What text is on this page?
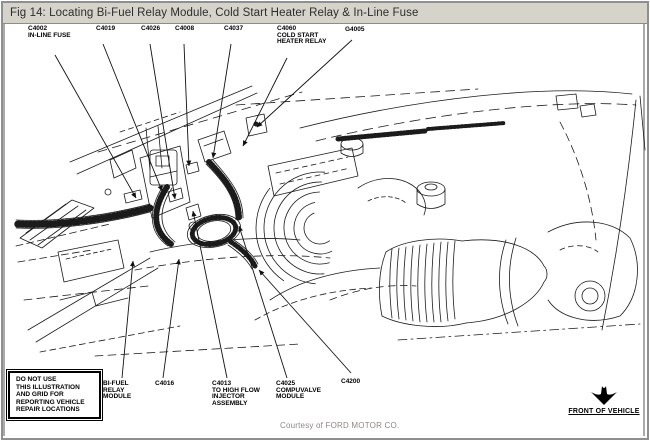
Fig 14: Locating Bi-Fuel Relay Module, Cold Start Heater Relay & In-Line Fuse
C4002
IN-LINE FUSE
C4019	C4026 C4008	C4037	C4060
COLD START
HEATER RELAY
G4005
BI-FUEL
RELAY
MODULE
C4016	C4013
TO HIGH FLOW
INJECTOR
ASSEMBLY
C4025
COMPUVALVE
MODULE
C4200
DO NOT USE
THIS ILLUSTRATION
AND GRID FOR
REPORTING VEHICLE
REPAIR LOCATIONS	FRONT OF VEHICLE
Courtesy of FORD MOTOR CO.
